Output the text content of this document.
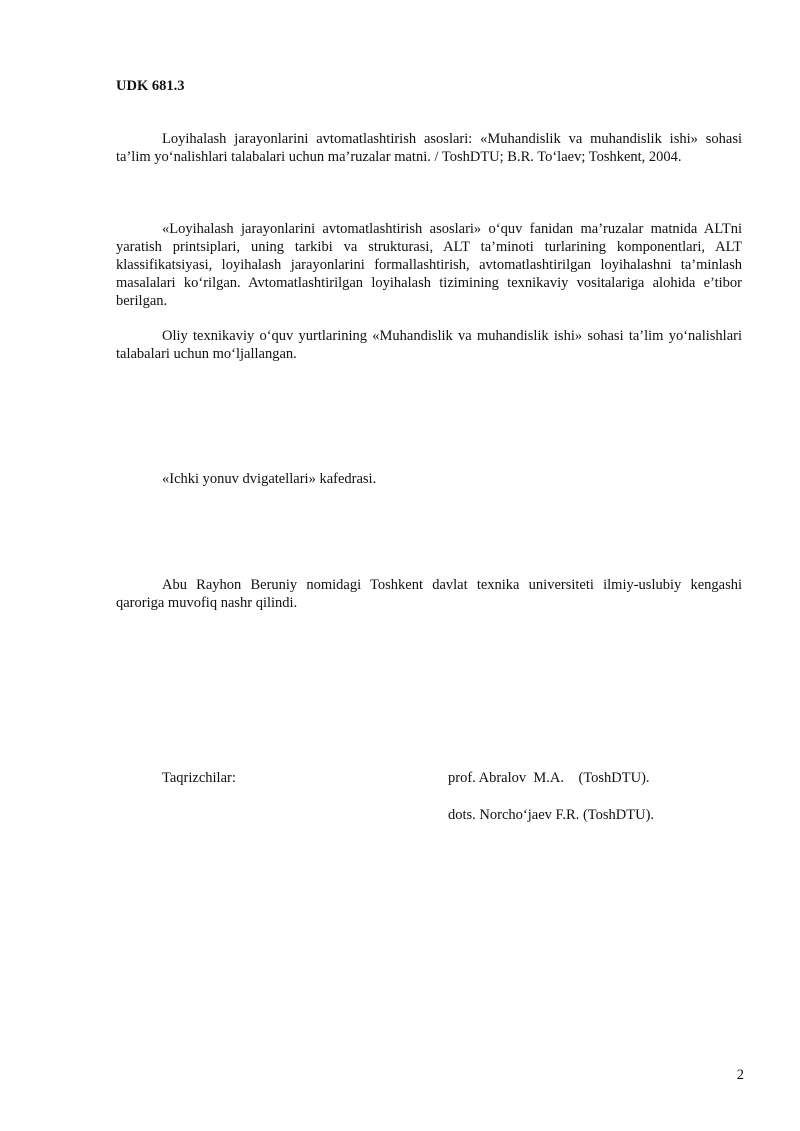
UDK 681.3

Loyihalash jarayonlarini avtomatlashtirish asoslari: «Muhandislik va muhandislik ishi» sohasi ta’lim yo‘nalishlari talabalari uchun ma’ruzalar matni. / ToshDTU; B.R. To‘laev; Toshkent, 2004.

«Loyihalash jarayonlarini avtomatlashtirish asoslari» o‘quv fanidan ma’ruzalar matnida ALTni yaratish printsiplari, uning tarkibi va strukturasi, ALT ta’minoti turlarining komponentlari, ALT klassifikatsiyasi, loyihalash jarayonlarini formallashtirish, avtomatlashtirilgan loyihalashni ta’minlash masalalari ko‘rilgan. Avtomatlashtirilgan loyihalash tizimining texnikaviy vositalariga alohida e’tibor berilgan.

Oliy texnikaviy o‘quv yurtlarining «Muhandislik va muhandislik ishi» sohasi ta’lim yo‘nalishlari talabalari uchun mo‘ljallangan.

«Ichki yonuv dvigatellari» kafedrasi.

Abu Rayhon Beruniy nomidagi Toshkent davlat texnika universiteti ilmiy-uslubiy kengashi qaroriga muvofiq nashr qilindi.

Taqrizchilar:	prof. Abralov  M.A.    (ToshDTU).
dots. Norcho‘jaev F.R. (ToshDTU).
2
